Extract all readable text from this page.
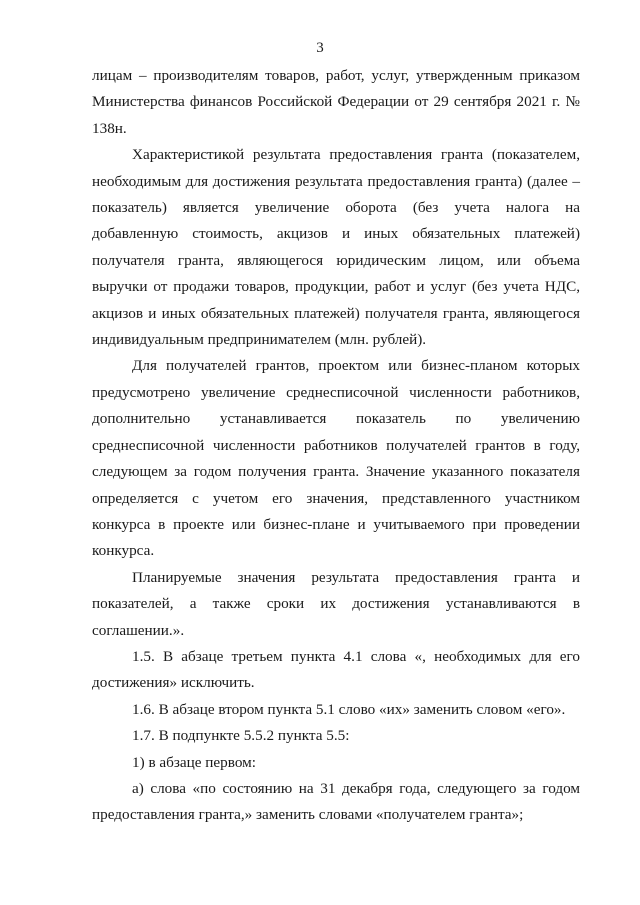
3

лицам – производителям товаров, работ, услуг, утвержденным приказом Министерства финансов Российской Федерации от 29 сентября 2021 г. № 138н.

Характеристикой результата предоставления гранта (показателем, необходимым для достижения результата предоставления гранта) (далее – показатель) является увеличение оборота (без учета налога на добавленную стоимость, акцизов и иных обязательных платежей) получателя гранта, являющегося юридическим лицом, или объема выручки от продажи товаров, продукции, работ и услуг (без учета НДС, акцизов и иных обязательных платежей) получателя гранта, являющегося индивидуальным предпринимателем (млн. рублей).

Для получателей грантов, проектом или бизнес-планом которых предусмотрено увеличение среднесписочной численности работников, дополнительно устанавливается показатель по увеличению среднесписочной численности работников получателей грантов в году, следующем за годом получения гранта. Значение указанного показателя определяется с учетом его значения, представленного участником конкурса в проекте или бизнес-плане и учитываемого при проведении конкурса.

Планируемые значения результата предоставления гранта и показателей, а также сроки их достижения устанавливаются в соглашении.».

1.5. В абзаце третьем пункта 4.1 слова «, необходимых для его достижения» исключить.

1.6. В абзаце втором пункта 5.1 слово «их» заменить словом «его».

1.7. В подпункте 5.5.2 пункта 5.5:

1) в абзаце первом:

а) слова «по состоянию на 31 декабря года, следующего за годом предоставления гранта,» заменить словами «получателем гранта»;
